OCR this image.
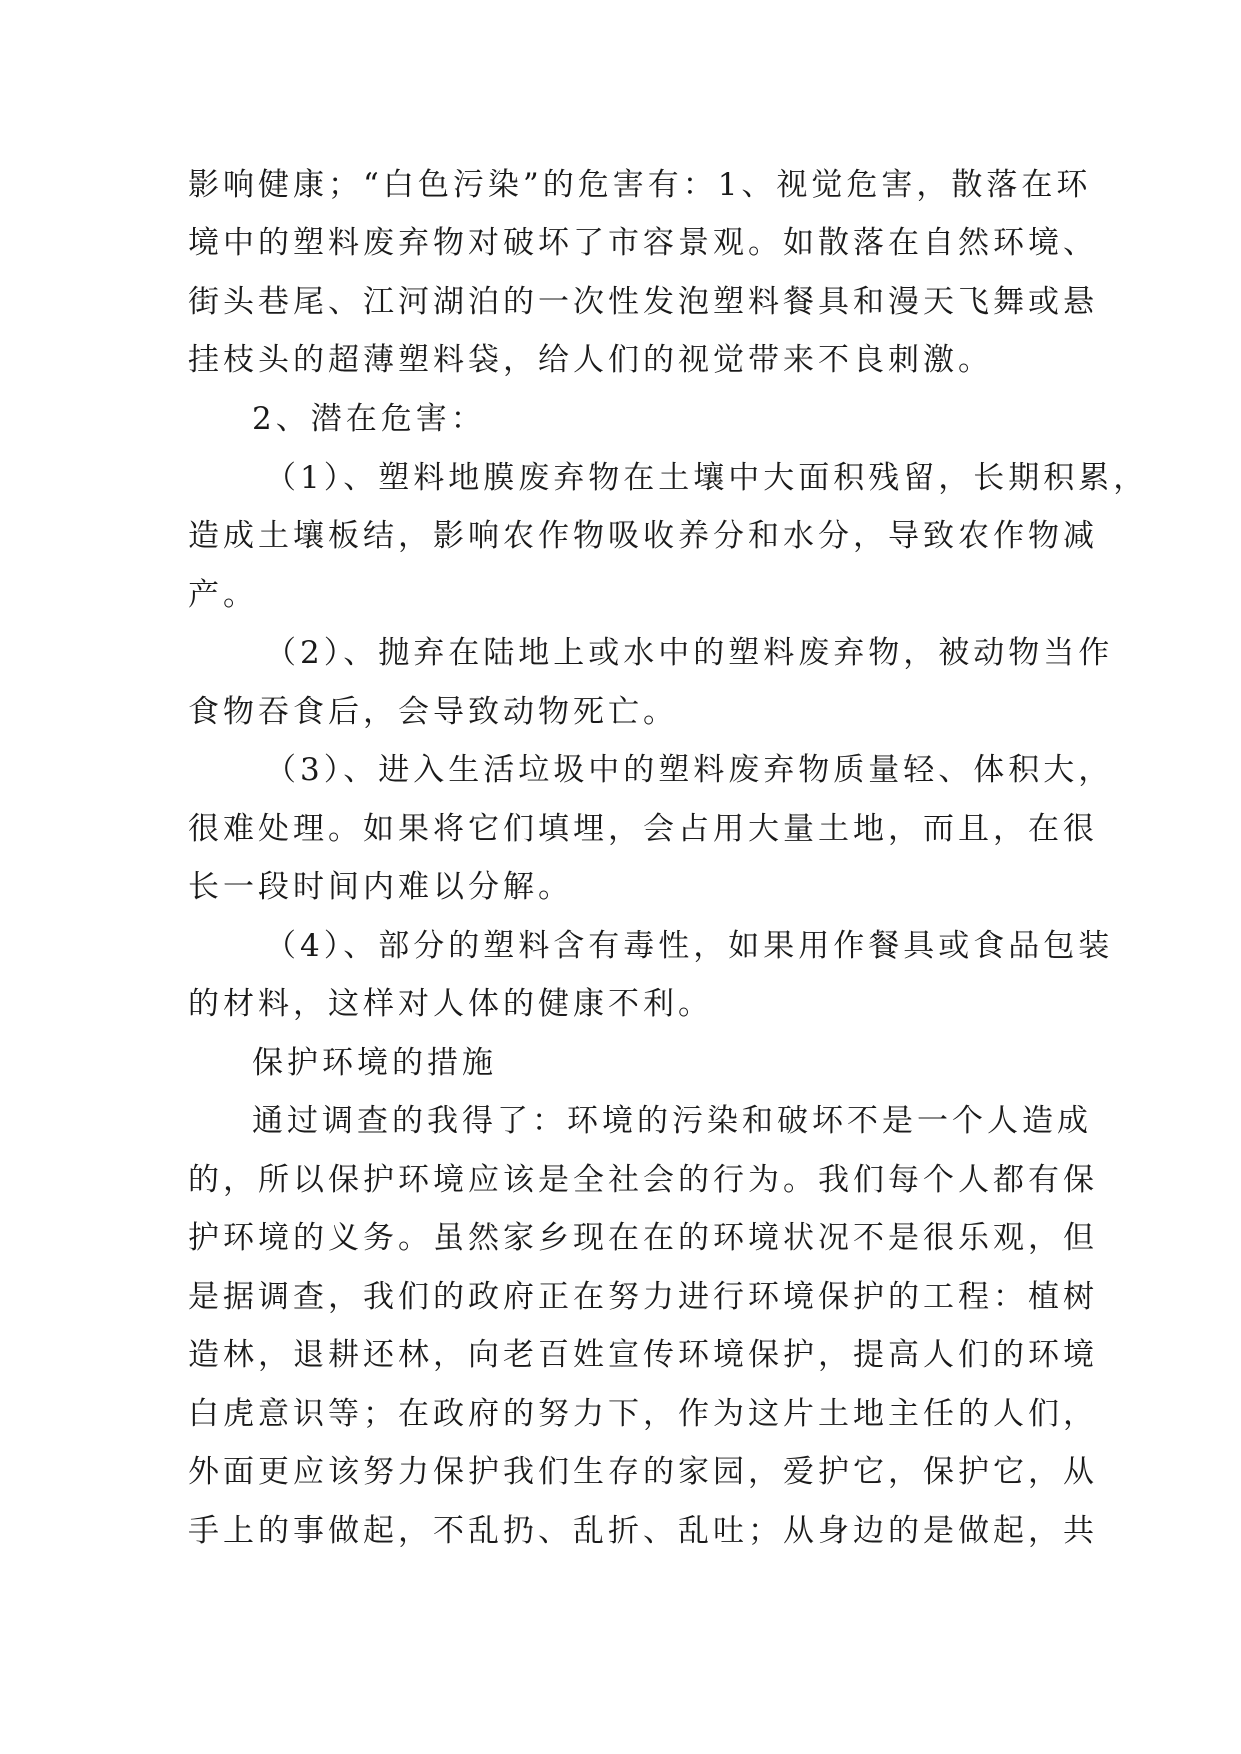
影响健康；“白色污染”的危害有：1、视觉危害，散落在环
境中的塑料废弃物对破坏了市容景观。如散落在自然环境、
街头巷尾、江河湖泊的一次性发泡塑料餐具和漫天飞舞或悬
挂枝头的超薄塑料袋，给人们的视觉带来不良刺激。
2、潜在危害：
（1）、塑料地膜废弃物在土壤中大面积残留，长期积累，
造成土壤板结，影响农作物吸收养分和水分，导致农作物减
产。
（2）、抛弃在陆地上或水中的塑料废弃物，被动物当作
食物吞食后，会导致动物死亡。
（3）、进入生活垃圾中的塑料废弃物质量轻、体积大，
很难处理。如果将它们填埋，会占用大量土地，而且，在很
长一段时间内难以分解。
（4）、部分的塑料含有毒性，如果用作餐具或食品包装
的材料，这样对人体的健康不利。
保护环境的措施
通过调查的我得了：环境的污染和破坏不是一个人造成
的，所以保护环境应该是全社会的行为。我们每个人都有保
护环境的义务。虽然家乡现在在的环境状况不是很乐观，但
是据调查，我们的政府正在努力进行环境保护的工程：植树
造林，退耕还林，向老百姓宣传环境保护，提高人们的环境
白虎意识等；在政府的努力下，作为这片土地主任的人们，
外面更应该努力保护我们生存的家园，爱护它，保护它，从
手上的事做起，不乱扔、乱折、乱吐；从身边的是做起，共
